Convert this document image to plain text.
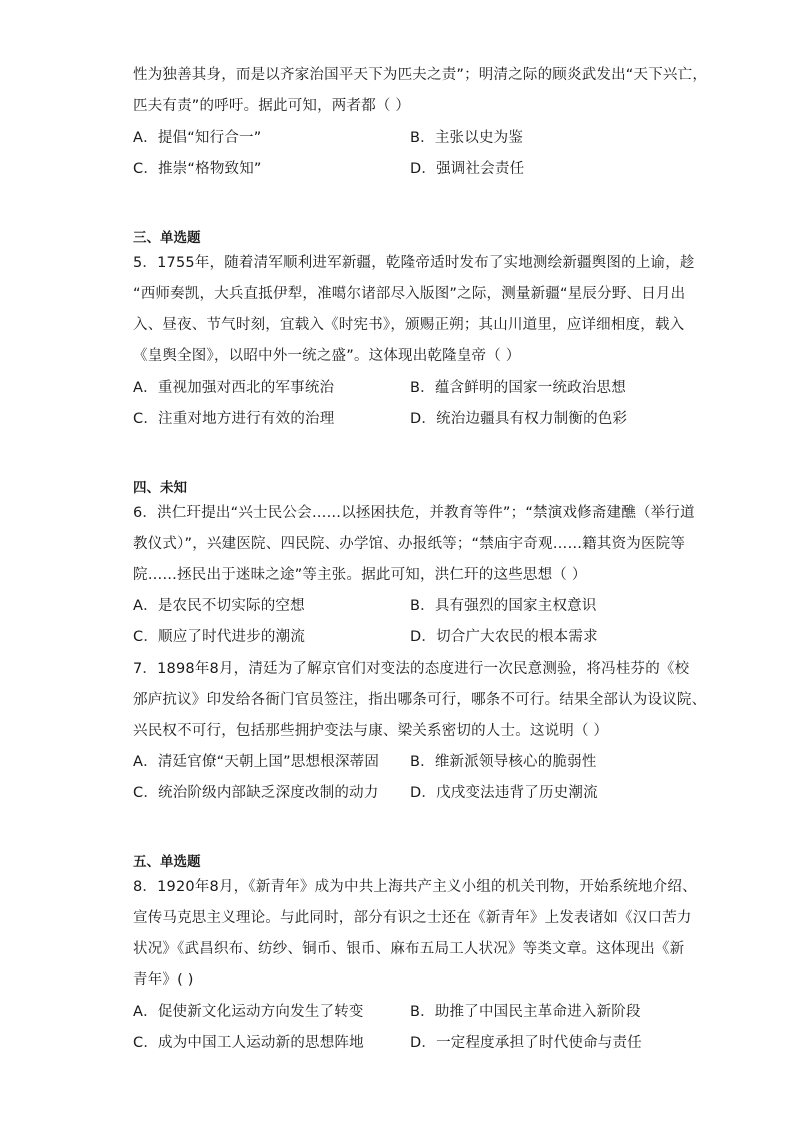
性为独善其身，而是以齐家治国平天下为匹夫之责”；明清之际的顾炎武发出“天下兴亡，
匹夫有责”的呼吁。据此可知，两者都（ ）
A．提倡“知行合一”	B．主张以史为鉴
C．推崇“格物致知”	D．强调社会责任
三、单选题
5．1755年，随着清军顺利进军新疆，乾隆帝适时发布了实地测绘新疆舆图的上谕，趁
“西师奏凯，大兵直抵伊犁，准噶尔诸部尽入版图”之际，测量新疆“星辰分野、日月出
入、昼夜、节气时刻，宜载入《时宪书》，颁赐正朔；其山川道里，应详细相度，载入
《皇舆全图》，以昭中外一统之盛”。这体现出乾隆皇帝（ ）
A．重视加强对西北的军事统治	B．蕴含鲜明的国家一统政治思想
C．注重对地方进行有效的治理	D．统治边疆具有权力制衡的色彩
四、未知
6．洪仁玕提出“兴士民公会……以拯困扶危，并教育等件”；“禁演戏修斋建醮（举行道
教仪式）”，兴建医院、四民院、办学馆、办报纸等；“禁庙宇奇观……籍其资为医院等
院……拯民出于迷昧之途”等主张。据此可知，洪仁玕的这些思想（ ）
A．是农民不切实际的空想	B．具有强烈的国家主权意识
C．顺应了时代进步的潮流	D．切合广大农民的根本需求
7．1898年8月，清廷为了解京官们对变法的态度进行一次民意测验，将冯桂芬的《校
邠庐抗议》印发给各衙门官员签注，指出哪条可行，哪条不可行。结果全部认为设议院、
兴民权不可行，包括那些拥护变法与康、梁关系密切的人士。这说明（ ）
A．清廷官僚“天朝上国”思想根深蒂固 B．维新派领导核心的脆弱性
C．统治阶级内部缺乏深度改制的动力 D．戊戌变法违背了历史潮流
五、单选题
8．1920年8月，《新青年》成为中共上海共产主义小组的机关刊物，开始系统地介绍、
宣传马克思主义理论。与此同时，部分有识之士还在《新青年》上发表诸如《汉口苦力
状况》《武昌织布、纺纱、铜币、银币、麻布五局工人状况》等类文章。这体现出《新
青年》( )
A．促使新文化运动方向发生了转变	B．助推了中国民主革命进入新阶段
C．成为中国工人运动新的思想阵地	D．一定程度承担了时代使命与责任
